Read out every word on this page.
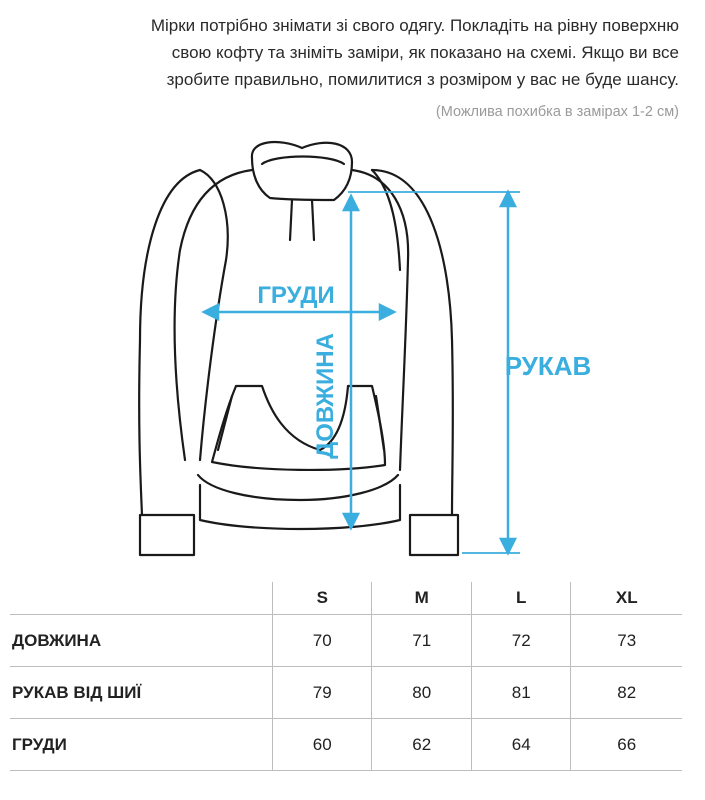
Мірки потрібно знімати зі свого одягу. Покладіть на рівну поверхню

свою кофту та зніміть заміри, як показано на схемі. Якщо ви все

зробите правильно, помилитися з розміром у вас не буде шансу.

(Можлива похибка в замірах 1-2 см)
ГРУДИ
ДОВЖИНА	РУКАВ
	S	M	L	XL
ДОВЖИНА	70	71	72	73
РУКАВ ВІД ШИЇ	79	80	81	82
ГРУДИ	60	62	64	66
